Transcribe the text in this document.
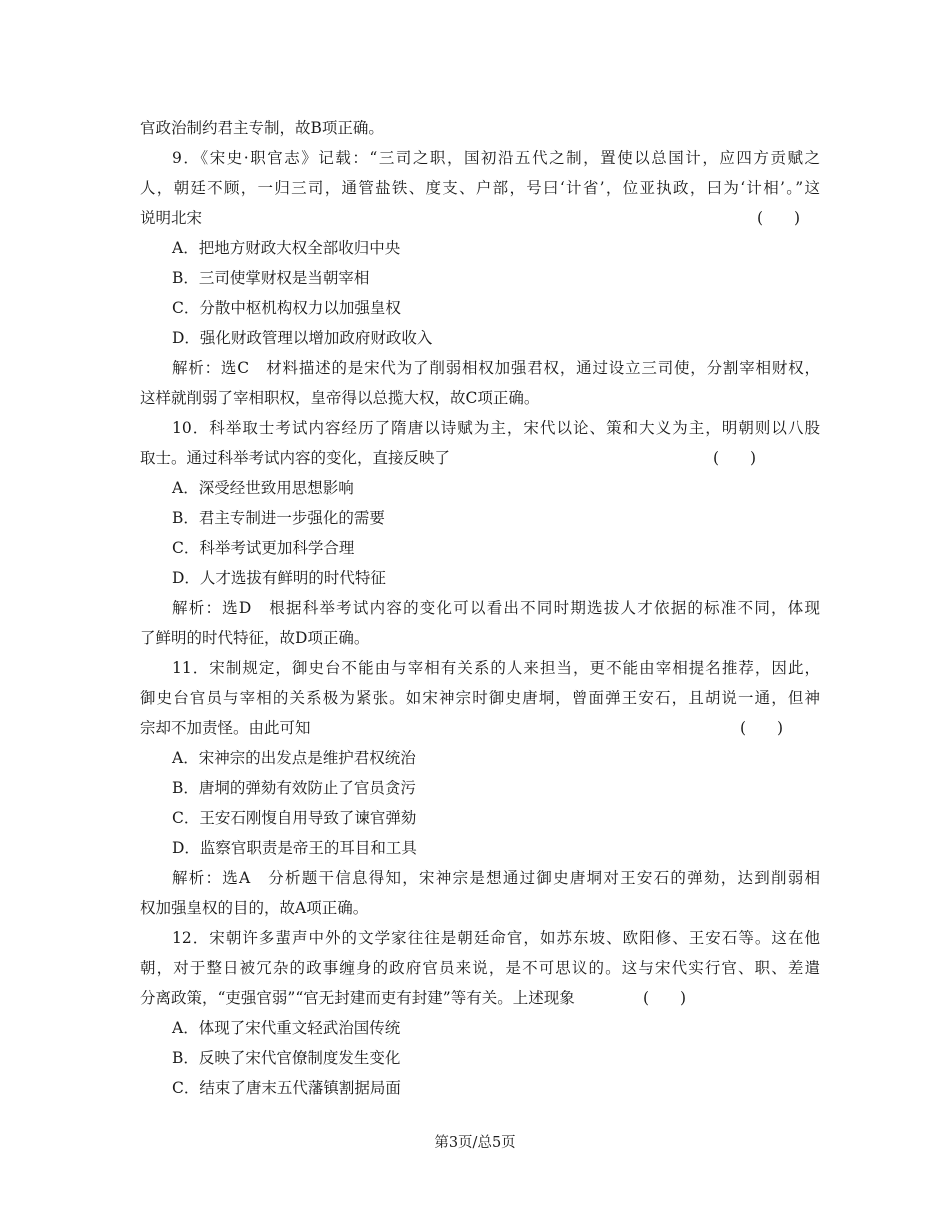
官政治制约君主专制，故B项正确。
9．《宋史·职官志》记载：“三司之职，国初沿五代之制，置使以总国计，应四方贡赋之
人，朝廷不顾，一归三司，通管盐铁、度支、户部，号曰‘计省’，位亚执政，曰为‘计相’。”这
说明北宋	(　　)
A．把地方财政大权全部收归中央
B．三司使掌财权是当朝宰相
C．分散中枢机构权力以加强皇权
D．强化财政管理以增加政府财政收入
解析：选C　材料描述的是宋代为了削弱相权加强君权，通过设立三司使，分割宰相财权，
这样就削弱了宰相职权，皇帝得以总揽大权，故C项正确。
10．科举取士考试内容经历了隋唐以诗赋为主，宋代以论、策和大义为主，明朝则以八股
取士。通过科举考试内容的变化，直接反映了	(　　)
A．深受经世致用思想影响
B．君主专制进一步强化的需要
C．科举考试更加科学合理
D．人才选拔有鲜明的时代特征
解析：选D　根据科举考试内容的变化可以看出不同时期选拔人才依据的标准不同，体现
了鲜明的时代特征，故D项正确。
11．宋制规定，御史台不能由与宰相有关系的人来担当，更不能由宰相提名推荐，因此，
御史台官员与宰相的关系极为紧张。如宋神宗时御史唐垌，曾面弹王安石，且胡说一通，但神
宗却不加责怪。由此可知	(　　)
A．宋神宗的出发点是维护君权统治
B．唐垌的弹劾有效防止了官员贪污
C．王安石刚愎自用导致了谏官弹劾
D．监察官职责是帝王的耳目和工具
解析：选A　分析题干信息得知，宋神宗是想通过御史唐垌对王安石的弹劾，达到削弱相
权加强皇权的目的，故A项正确。
12．宋朝许多蜚声中外的文学家往往是朝廷命官，如苏东坡、欧阳修、王安石等。这在他
朝，对于整日被冗杂的政事缠身的政府官员来说，是不可思议的。这与宋代实行官、职、差遣
分离政策，“吏强官弱”“官无封建而吏有封建”等有关。上述现象	(　　)
A．体现了宋代重文轻武治国传统
B．反映了宋代官僚制度发生变化
C．结束了唐末五代藩镇割据局面
第3页/总5页
